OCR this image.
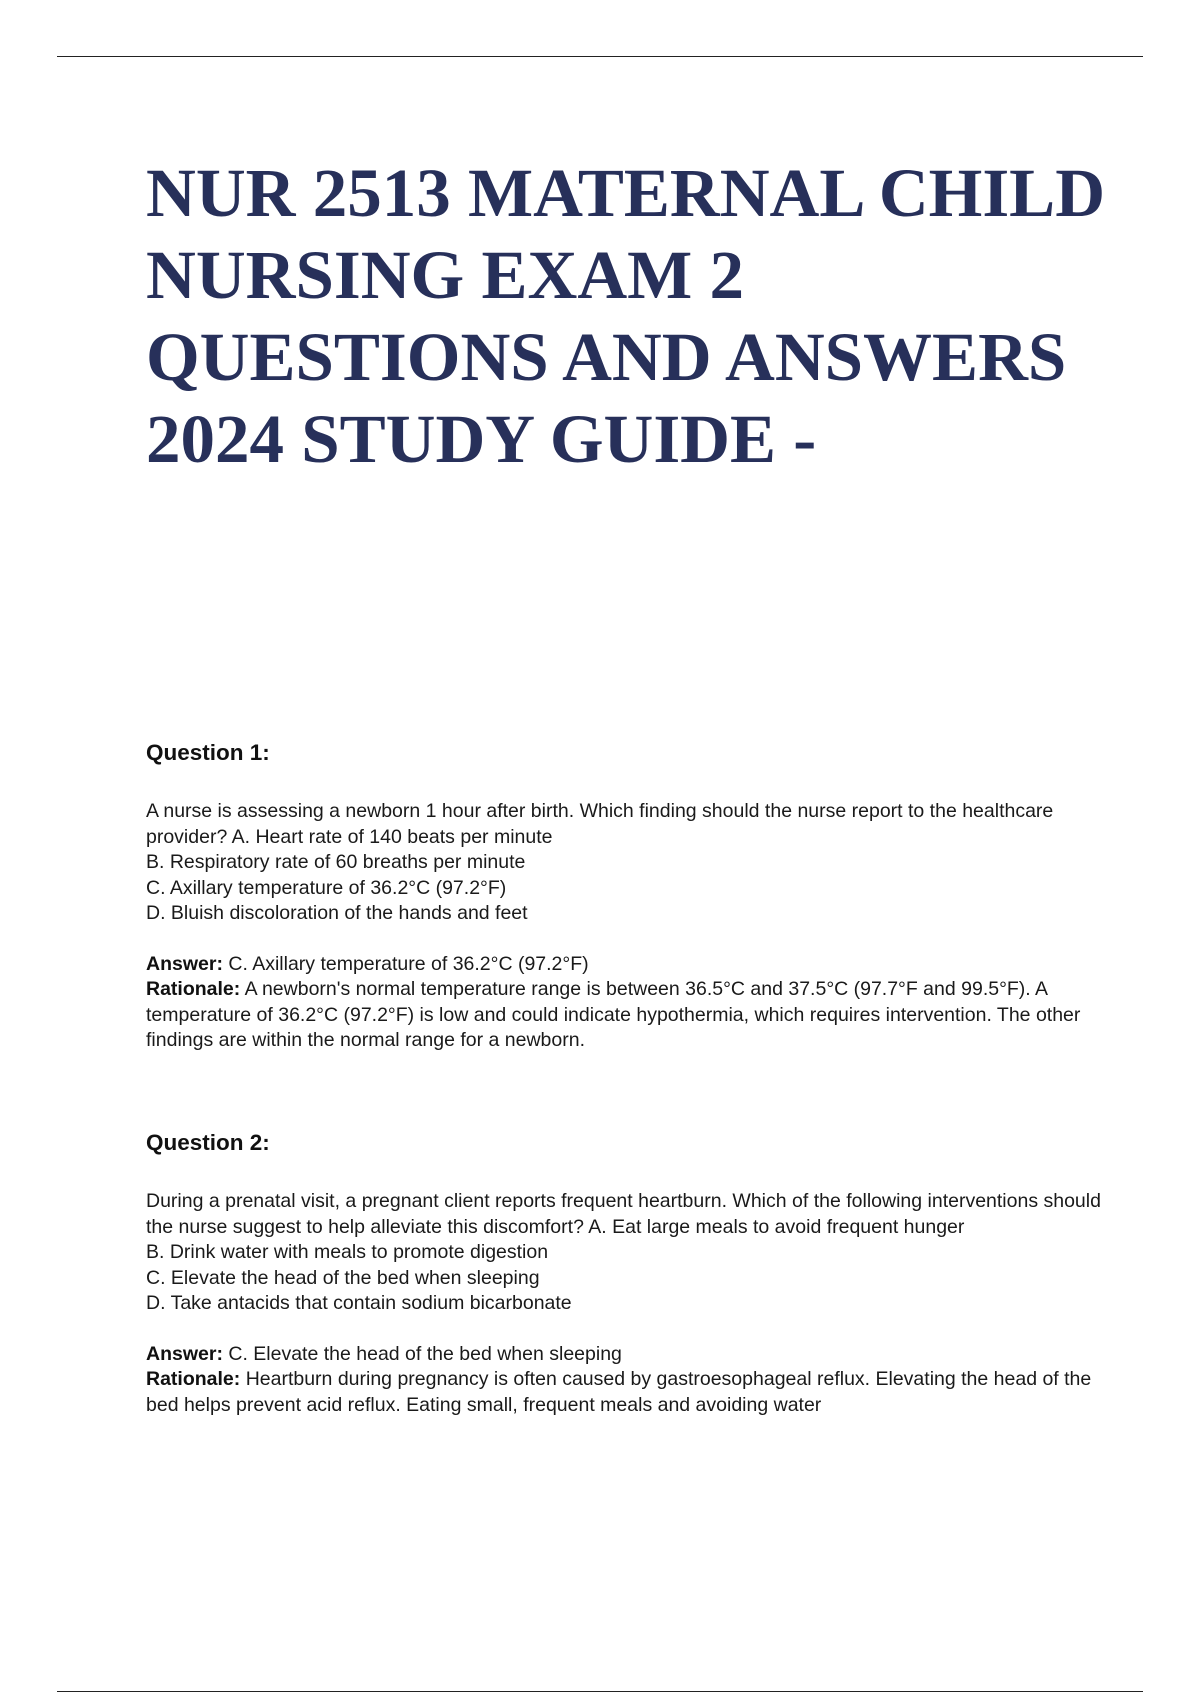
NUR 2513 MATERNAL CHILD NURSING EXAM 2 QUESTIONS AND ANSWERS 2024 STUDY GUIDE -

Question 1:

A nurse is assessing a newborn 1 hour after birth. Which finding should the nurse report to the healthcare provider? A. Heart rate of 140 beats per minute

B. Respiratory rate of 60 breaths per minute

C. Axillary temperature of 36.2°C (97.2°F)

D. Bluish discoloration of the hands and feet

Answer: C. Axillary temperature of 36.2°C (97.2°F)

Rationale: A newborn's normal temperature range is between 36.5°C and 37.5°C (97.7°F and 99.5°F). A temperature of 36.2°C (97.2°F) is low and could indicate hypothermia, which requires intervention. The other findings are within the normal range for a newborn.

Question 2:

During a prenatal visit, a pregnant client reports frequent heartburn. Which of the following interventions should the nurse suggest to help alleviate this discomfort? A. Eat large meals to avoid frequent hunger

B. Drink water with meals to promote digestion

C. Elevate the head of the bed when sleeping

D. Take antacids that contain sodium bicarbonate

Answer: C. Elevate the head of the bed when sleeping

Rationale: Heartburn during pregnancy is often caused by gastroesophageal reflux. Elevating the head of the bed helps prevent acid reflux. Eating small, frequent meals and avoiding water
